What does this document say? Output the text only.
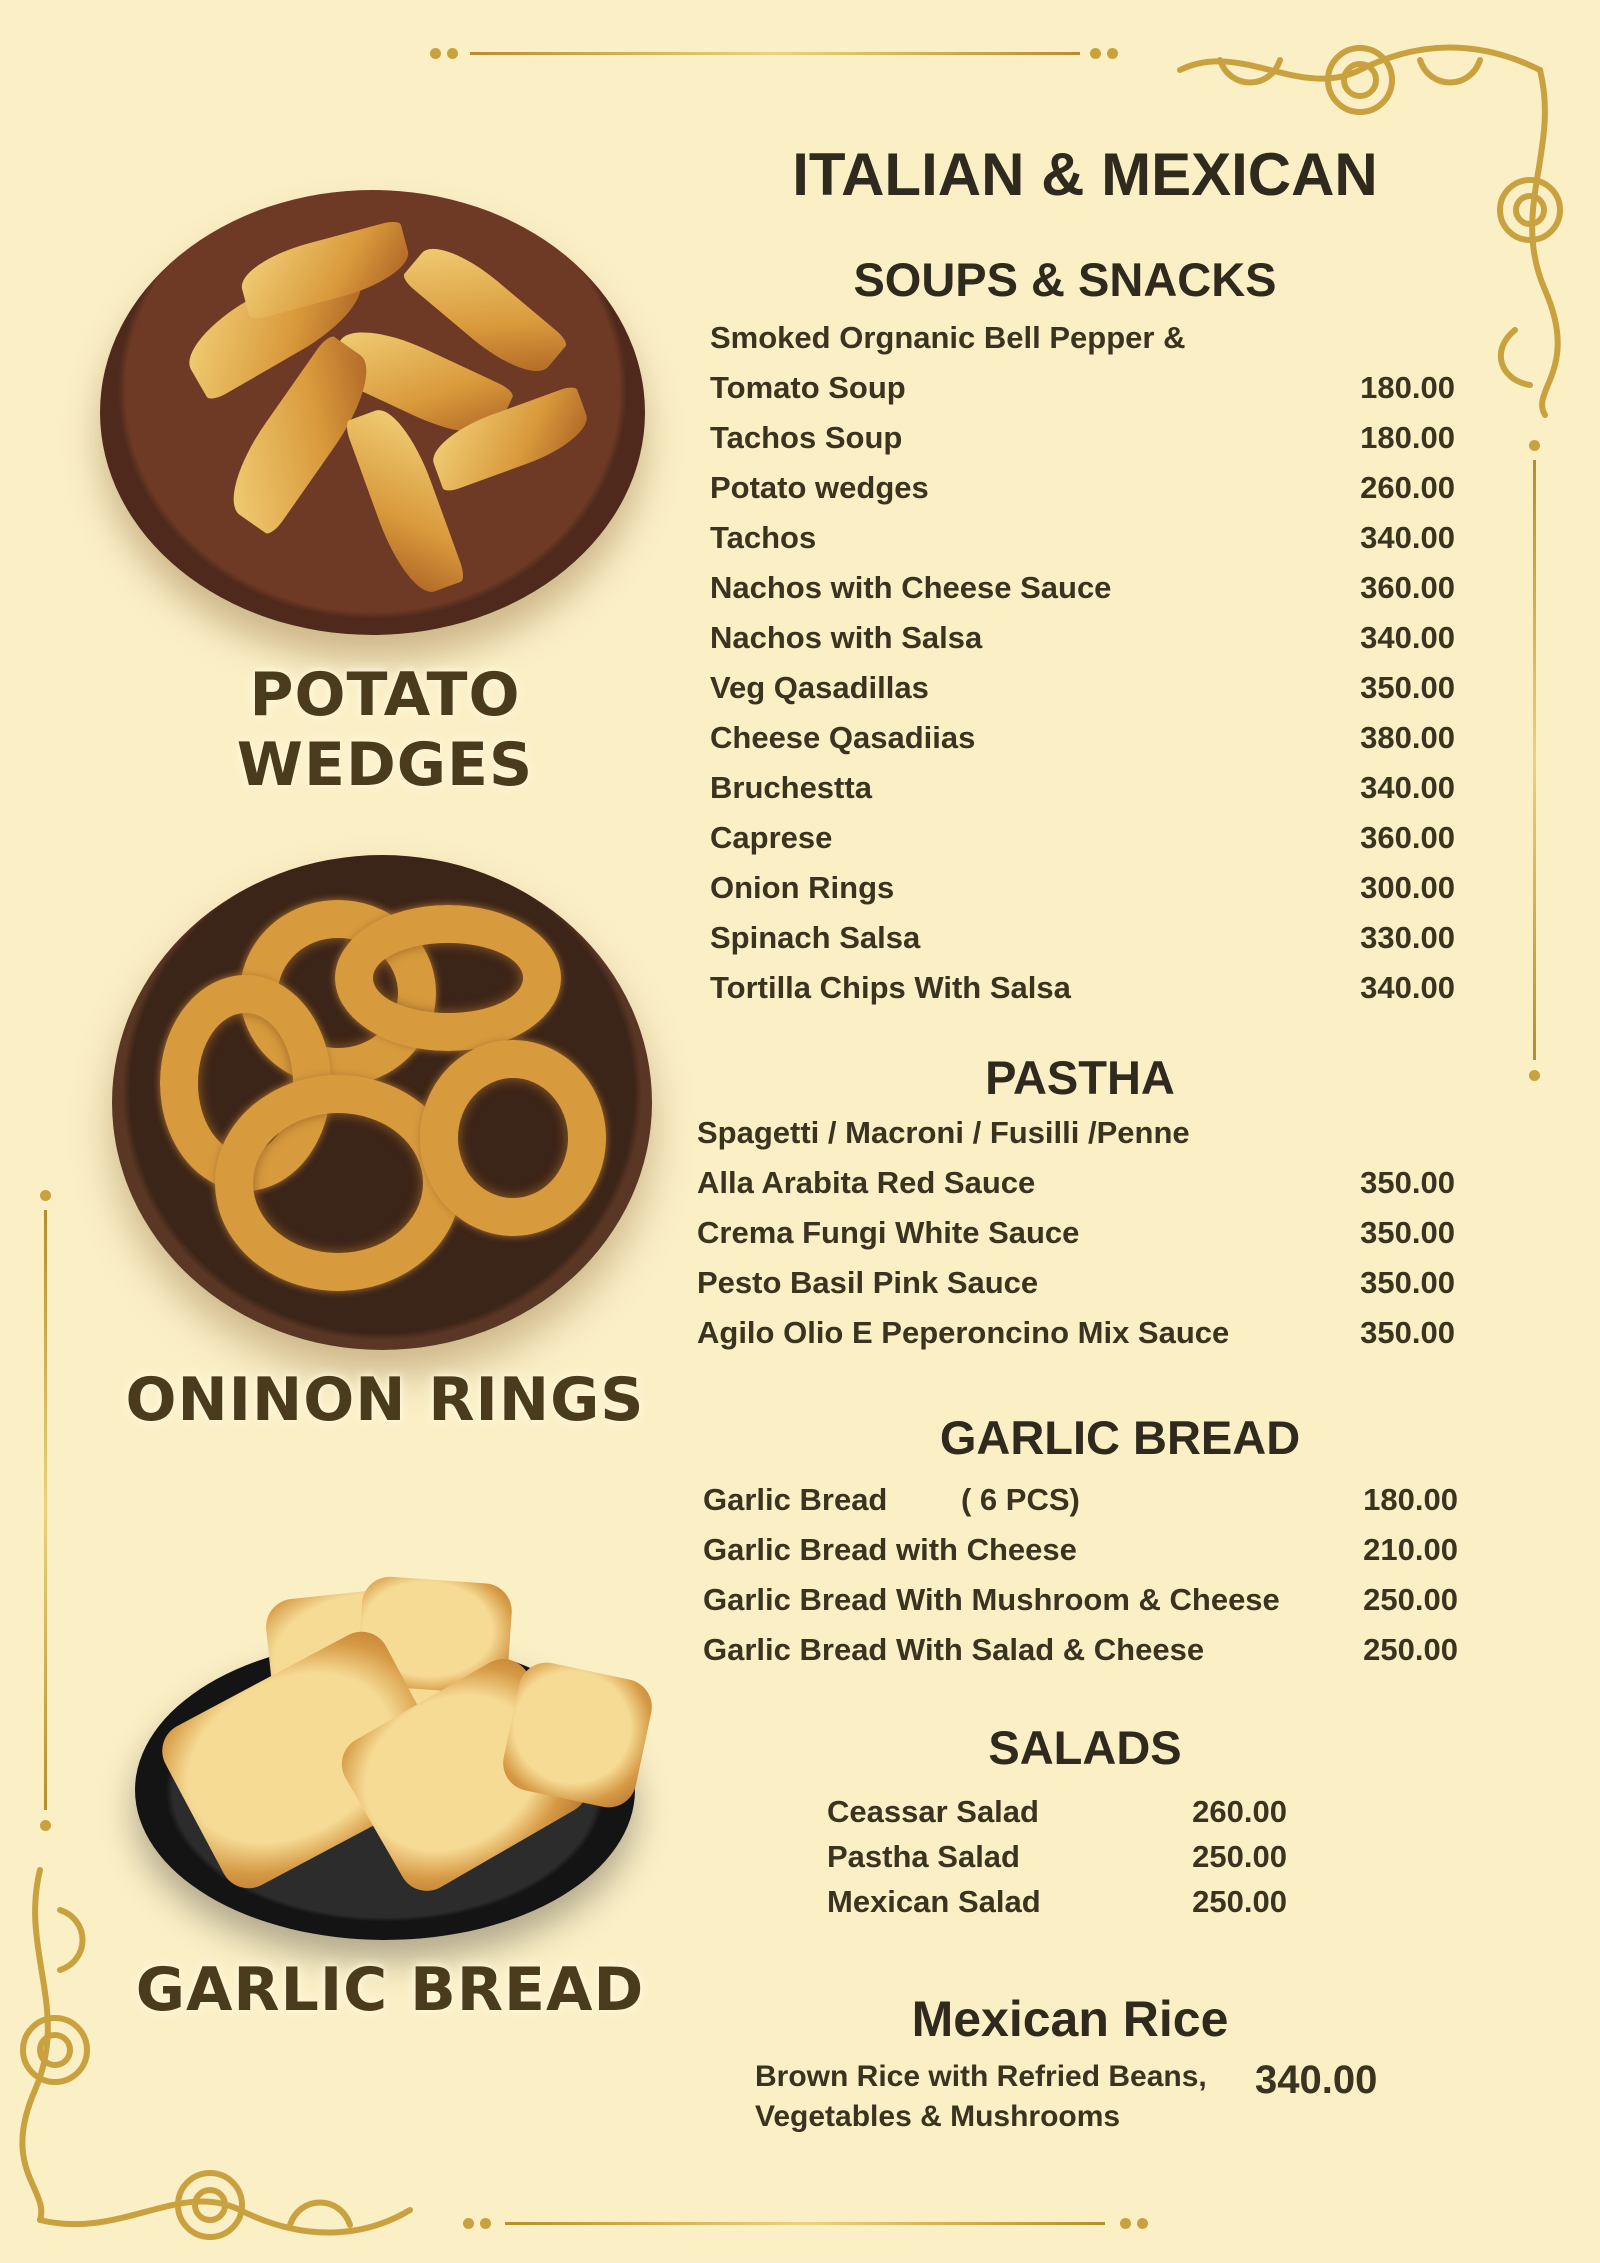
POTATO WEDGES
ONINON RINGS
GARLIC BREAD
ITALIAN & MEXICAN
SOUPS & SNACKS
Smoked Orgnanic Bell Pepper &
Tomato Soup	180.00
Tachos Soup	180.00
Potato wedges	260.00
Tachos	340.00
Nachos with Cheese Sauce	360.00
Nachos with Salsa	340.00
Veg Qasadillas	350.00
Cheese Qasadiias	380.00
Bruchestta	340.00
Caprese	360.00
Onion Rings	300.00
Spinach Salsa	330.00
Tortilla Chips With Salsa	340.00
PASTHA
Spagetti / Macroni / Fusilli /Penne
Alla Arabita Red Sauce	350.00
Crema Fungi White Sauce	350.00
Pesto Basil Pink Sauce	350.00
Agilo Olio E Peperoncino Mix Sauce	350.00
GARLIC BREAD
Garlic Bread ( 6 PCS)	180.00
Garlic Bread with Cheese	210.00
Garlic Bread With Mushroom & Cheese	250.00
Garlic Bread With Salad & Cheese	250.00
SALADS
Ceassar Salad	260.00
Pastha Salad	250.00
Mexican Salad	250.00
Mexican Rice
Brown Rice with Refried Beans,
Vegetables & Mushrooms
340.00
